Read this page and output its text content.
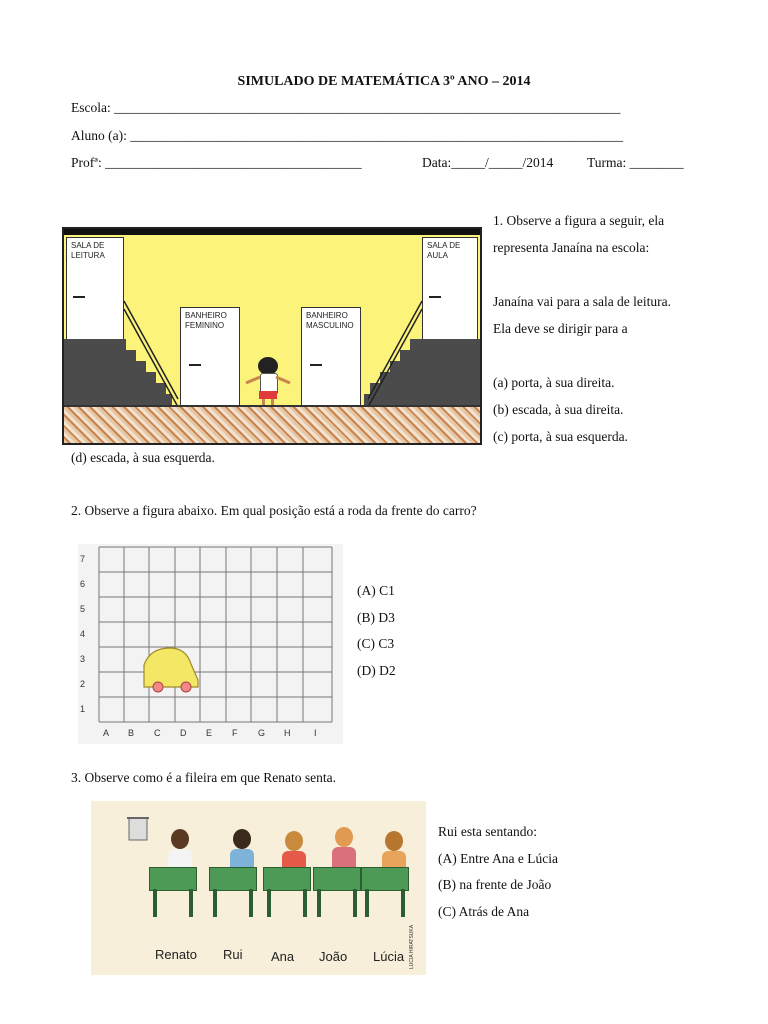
SIMULADO DE MATEMÁTICA 3º ANO – 2014
Escola: ___________________________________________________________________________
Aluno (a): _________________________________________________________________________
Profª: ______________________________________	Data:_____/_____/2014	Turma: ________
1. Observe a figura a seguir, ela
representa Janaína na escola:
Janaína vai para a sala de leitura.
Ela deve se dirigir para a
(a) porta, à sua direita.
(b) escada, à sua direita.
(c) porta, à sua esquerda.
(d) escada, à sua esquerda.
SALA DE LEITURA
BANHEIRO FEMININO
BANHEIRO MASCULINO
SALA DE AULA
2. Observe a figura abaixo. Em qual posição está a roda da frente do carro?
7
6
5
4
3
2
1
A B C D E F G H	I
(A) C1
(B) D3
(C) C3
(D) D2
3. Observe como é a fileira em que Renato senta.
Renato Rui Ana João Lúcia LUCIA HIRATSUKA
Rui esta sentando:
(A) Entre Ana e Lúcia
(B) na frente de João
(C) Atrás de Ana
